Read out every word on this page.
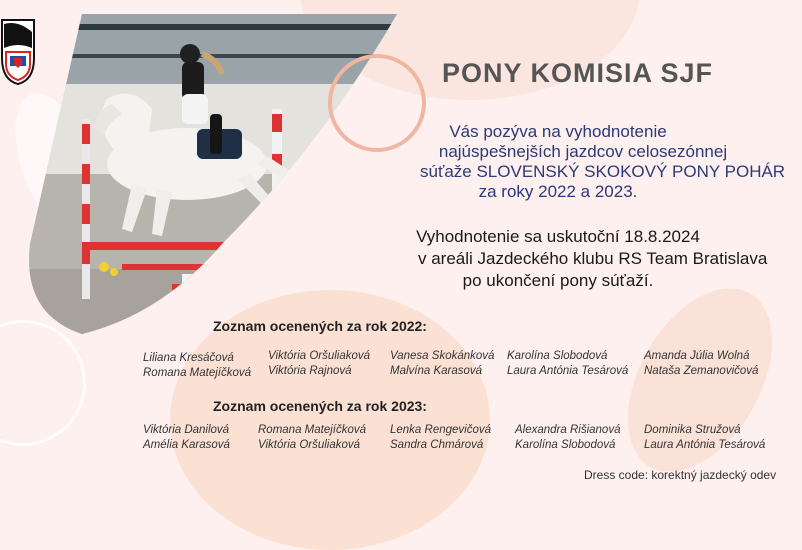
PONY KOMISIA SJF
Vás pozýva na vyhodnotenie
najúspešnejších jazdcov celosezónnej
súťaže SLOVENSKÝ SKOKOVÝ PONY POHÁR
za roky 2022 a 2023.
Vyhodnotenie sa uskutoční 18.8.2024
v areáli Jazdeckého klubu RS Team Bratislava
po ukončení pony súťaží.
Zoznam ocenených za rok 2022:
Liliana Kresáčová
Romana Matejíčková
Viktória Oršuliaková
Viktória Rajnová
Vanesa Skokánková
Malvína Karasová
Karolína Slobodová
Laura Antónia Tesárová
Amanda Júlia Wolná
Nataša Zemanovičová
Zoznam ocenených za rok 2023:
Viktória Danilová
Amélia Karasová
Romana Matejíčková
Viktória Oršuliaková
Lenka Rengevičová
Sandra Chmárová
Alexandra Rišianová
Karolína Slobodová
Dominika Stružová
Laura Antónia Tesárová
Dress code: korektný jazdecký odev
